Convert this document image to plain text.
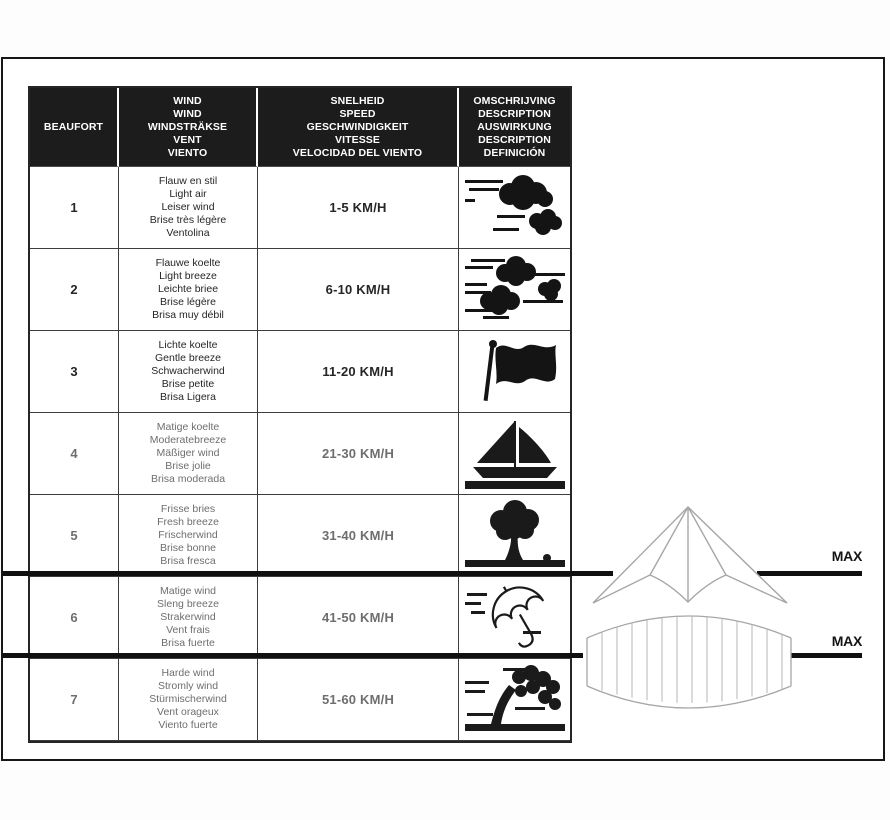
BEAUFORT
WIND
WIND
WINDSTRÄKSE
VENT
VIENTO
SNELHEID
SPEED
GESCHWINDIGKEIT
VITESSE
VELOCIDAD DEL VIENTO
OMSCHRIJVING
DESCRIPTION
AUSWIRKUNG
DESCRIPTION
DEFINICIÓN
1
Flauw en stil
Light air
Leiser wind
Brise très légère
Ventolina
1-5 KM/H
2
Flauwe koelte
Light breeze
Leichte briee
Brise légère
Brisa muy débil
6-10 KM/H
3
Lichte koelte
Gentle breeze
Schwacherwind
Brise petite
Brisa Ligera
11-20 KM/H
4
Matige koelte
Moderatebreeze
Mäßiger wind
Brise jolie
Brisa moderada
21-30 KM/H
5
Frisse bries
Fresh breeze
Frischerwind
Brise bonne
Brisa fresca
31-40 KM/H
6
Matige wind
Sleng breeze
Strakerwind
Vent frais
Brisa fuerte
41-50 KM/H
7
Harde wind
Stromly wind
Stürmischerwind
Vent orageux
Viento fuerte
51-60 KM/H
MAX
MAX
